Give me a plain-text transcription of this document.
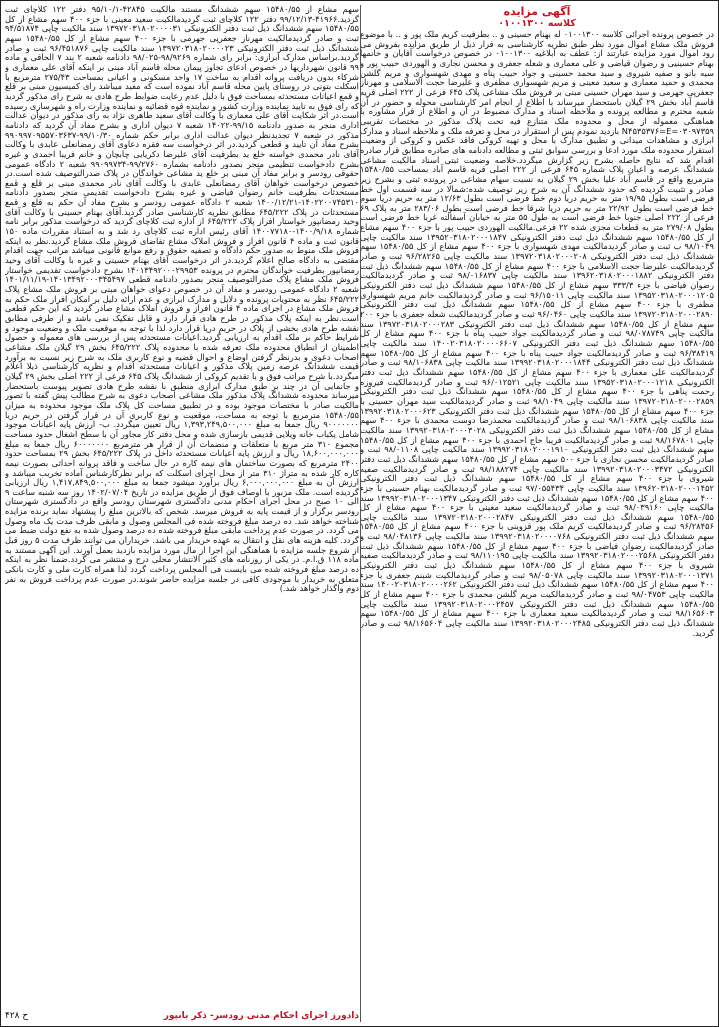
آگهی مزایده
کلاسه ۰۱۰۰۱۳۰۰

در خصوص پرونده اجرائی کلاسه ۰۱۰۰۱۳۰۰ له بهنام حسینی و .. بطرفیت کریم ملک پور و .. با موضوع فروش ملک مشاع اموال مورد نظر طبق نظریه کارشناسی به قرار ذیل از طریق مزایده بفروش می رود اموال مورد مزایده عبارتند از: عطف به ابلاغیه ۰۱۰۰۱۳۰۰ در خصوص درخواست آقایان و خانمها بهنام حسینیی و رضوان قیاضی و علی معماری و شعله جعفری و محسن نجاری و الهوردی حبیب پور و سیه بانو و صفیه شیروی و سید محمد حسینی و جواد حبیب پناه و مهدی شهسواری و مریم گلشن محمدی و حمید معماری و سعید معینی و مریم شهسواری مظفری و علیرضا حجت الاسلامی و مهرناز جعفرپی جهرمی و سید مهران حسینی مبنی بر فروش ملک مشاعی پلاک ۶۴۵ فرعی از ۲۲۲ اصلی قریه قاسم آباد بخش ۲۹ گیلان باستحضار میرساند با اطلاع از انجام امر کارشناسی محوله و حضور در آن شعبه محترم و مطالعه پرونده و ملاحظه اسناد و مدارک مضبوط در آن و اطلاع از قرار مشاوره با هماهنگی معموله از محل و محدوده ملک متنازع فیه تحت پلاک مذکور در مختصات تقریبی ۰۳۰۹۷۳۵۹=N۴۵۳۵۳۷۶=E بازدید نمودم پس از استقرار در محل و تعرفه ملک و ملاحظه اسناد و مدارک ابرازی و مشاهدات میدانی و تطبیق مدارک با محل و تهیه کروکی فاقد عکس و کروکی از وضعیت استقرار محدوده ملک مورد ادعا و بررسی سوابق ثبتی و مطالعه دادنامه های صادره مطابق قرار صادره اقدام شد که نتایج حاصله بشرح زیر گزارش میگردد.خلاصه وضعیت ثبتی اسناد مالکیت مشاعی ششدانگ عرصه و اعیان پلاک شماره ۶۴۵ فرعی از ۲۲۲ اصلی قریه قاسم آباد بمساحت ۱۵۴۸۰/۵۵ مترمربع واقع در قاسم آباد علیا بخش ۲۹ گیلان به نسبت سهام مشاعی در پرونده ثبتی و بشرح زیر صادر و تثبیت گردیده که حدود ششدانگ آن به شرح زیر توصیف شده:شمالا در سه قسمت اول خط فرضی است بطول ۱۹/۹۵ متر به حریم دریا دوم خط فرضی است بطول ۱۲/۶۳ متر به حریم دریا سوم خط فرضی است بطول ۲۲/۹۲ متر به حریم دریا شرقا خط فرضی است بطول ۲۸۳/۰۶ متر به پلاک ۶۹ فرعی از ۲۲۲ اصلی جنوبا خط فرضی است به طول ۵۵ متر به خیابان آسفالته غربا خط فرضی است بطول ۲۷۹/۰۸ متر به قطعات مجزی شده ۲۲ فرعی.مالکیت الهوردی حبیب پور با جزء ۴۰۰ سهم مشاع از کل ۱۵۴۸۰/۵۵ سهم ششدانگ ذیل ثبت دفتر الکترونیکی ۱۳۹۵۲۰۳۱۸۰۲۰۰۰۱۸۴۷ سند مالکیت چاپی ۹۸/۱۰۴۹ ب ثبت و صادر گردیدمالکیت مهدی شهسواری با جزء ۴۰۰ سهم مشاع از کل ۱۵۴۸۰/۵۵ سهم ششدانگ ذیل ثبت دفتر الکترونیکی ۱۳۹۷۲۰۳۱۸۰۲۰۰۰۲۰۸ سند مالکیت چاپی ۹۶/۲۸۲۶۵ ثبت و صادر گردیدمالکیت علیرضا حجت الاسلامی با جزء ۴۰۰ سهم مشاع از کل ۱۵۴۸۰/۵۵ سهم ششدانگ ذیل ثبت دفتر الکترونیکی ۱۳۹۶۲۰۳۱۸۰۲۰۰۰۱۸۸۲ سند مالکیت چاپی ۹۸/۰۱۶۸۳۷ ثبت و صادر گردیدمالکیت رضوان فیاضی با جزء ۳۳۳/۳ سهم مشاع از کل ۱۵۴۸۰/۵۵ سهم ششدانگ ذیل ثبت دفتر الکترونیکی ۱۳۹۵۲۰۳۱۸۰۲۰۰۰۱۲۰۵ سند مالکیت چاپی ۹۶/۱۵۰۱۱ ثبت و صادر گردیدمالکیت خانم مریم شهسواری مظفری با جزء ۴۰۰ سهم مشاع از کل ۱۵۴۸۰/۵۵ سهم ششدانگ ذیل ثبت دفتر الکترونیکی ۱۳۹۷۲۰۳۱۸۰۲۰۰۰۲۸۹۰ سند مالکیت چاپی ۹۶/۰۴۶۰ ثبت و صادر گردیدمالکیت شعله جعفری با جزء ۲۰۰ سهم مشاع از کل ۱۵۴۸۰/۵۵ سهم ششدانگ ذیل ثبت دفتر الکترونیکی ۱۳۹۷۲۰۳۱۸۰۲۰۰۰۲۸۳ سند مالکیت چاپی ۹۸/۰۷۸۷۴۹ ثبت و صادر گردیدمالکیت جواد حبیب پناه با جزء ۴۰۰ سهم مشاع از کل ۱۵۴۸۰/۵۵ سهم ششدانگ ذیل ثبت دفتر الکترونیکی ۱۴۰۰۲۰۳۱۸۰۲۰۰۰۰۶۶۰۷ سند مالکیت چاپی ۹۶/۳۸۴۱۹ ثبت و صادر گردیدمالکیت جواد حبیب پناه با جزء ۴۰۰ سهم مشاع از کل ۱۵۴۸۰/۵۵ سهم ششدانگ ذیل ثبت دفتر الکترونیکی ۱۳۹۹۲۰۳۱۸۰۲۰۰۰۱۸۴۴ سند مالکیت چاپی ۹۸/۱۰۶۸۳۸ ثبت و صادر گردیدمالکیت علی معماری با جزء ۴۰۰ سهم مشاع از کل ۱۵۴۸۰/۵۵ سهم ششدانگ ذیل ثبت دفتر الکترونیکی ۱۳۹۵۲۰۳۱۸۰۲۰۰۰۱۲۱۸ سند مالکیت چاپی ۹۶/۰۱۲۵۲۱ ثبت و صادر گردیدمالکیت فیروزه رحمت پناهی با جزء ۴۰۰ سهم مشاع از کل ۱۵۴۸۰/۵۵ سهم ششدانگ ذیل ثبت دفتر الکترونیکی ۱۳۹۷۲۰۳۱۸۰۲۰۰۰۲۸۵۹ سند مالکیت چاپی ۹۸/۱۰۴۹ ثبت و صادر گردیدمالکیت سید مهران حسینی با جزء ۴۰۰ سهم مشاع از کل ۱۵۴۸۰/۵۵ سهم ششدانگ ذیل ثبت دفتر الکترونیکی ۱۳۹۹۲۰۳۱۸۰۲۰۰۰۶۲۳ سند مالکیت چاپی ۹۸/۱۰۶۸۳۸ ثبت و صادر گردیدمالکیت محمدرضا دوست محمدی با جزء ۴۰۰ سهم مشاع از کل ۱۵۴۸۰/۵۵ سهم ششدانگ ذیل ثبت دفتر الکترونیکی ۱۳۹۹۲۰۳۱۸۰۲۰۰۰۳۰۲۸ سند مالکیت چاپی ۹۸/۱۶۷۸۰۱ ثبت و صادر گردیدمالکیت فریبا حاج احمدی با جزء ۴۰۰ سهم مشاع از کل ۱۵۴۸۰/۵۵ سهم ششدانگ ذیل ثبت دفتر الکترونیکی ۱۳۹۹۲۰۳۱۸۰۲۰۰۰۱۹۱۰ سند مالکیت چاپی ۹۸/۰۱۱۰۸ ثبت و صادر گردیدمالکیت محسن نجاری با جزء ۵۰۰ سهم مشاع از کل ۱۵۴۸۰/۵۵ سهم ششدانگ ذیل ثبت دفتر الکترونیکی ۱۳۹۹۲۰۳۱۸۰۲۰۰۰۳۴۷۲ سند مالکیت چاپی ۹۸/۱۸۸۲۷۴ ثبت و صادر گردیدمالکیت صفیه شیروی با جزء ۴۰۰ سهم مشاع از کل ۱۵۴۸۰/۵۵ سهم ششدانگ ذیل ثبت دفتر الکترونیکی ۱۳۹۶۲۰۳۱۸۰۲۰۰۰۱۴۵۲ سند مالکیت چاپی ۹۷/۰۵۵۴۳۴ ثبت و صادر گردیدمالکیت بهنام حسینی با جزء ۴۰۰ سهم مشاع از کل ۱۵۴۸۰/۵۵ سهم ششدانگ ذیل ثبت دفتر الکترونیکی ۱۳۹۹۲۰۳۱۸۰۲۰۰۰۱۳۴۷ سند مالکیت چاپی ۹۸/۰۳۹۱۶۰ ثبت و صادر گردیدمالکیت سعید معینی با جزء ۴۰۰ سهم مشاع از کل ۱۵۴۸۰/۵۵ سهم ششدانگ ذیل ثبت دفتر الکترونیکی ۱۳۹۷۲۰۳۱۸۰۲۰۰۰۲۸۴۷ سند مالکیت چاپی ۹۶/۲۸۴۵۶ ثبت و صادر گردیدمالکیت کریم ملک پور قزوینی با جزء ۴۰۰ سهم مشاع از کل ۱۵۴۸۰/۵۵ سهم ششدانگ ذیل ثبت دفتر الکترونیکی ۱۳۹۹۲۰۳۱۸۰۲۰۰۰۰۷۶۸ سند مالکیت چاپی ۹۸/۰۴۸۱۳۶ ثبت و صادر گردیدمالکیت رضوان فیاضی با جزء ۴۰۰ سهم مشاع از کل ۱۵۴۸۰/۵۵ سهم ششدانگ ذیل ثبت دفتر الکترونیکی ۱۳۹۹۲۰۳۱۸۰۲۰۰۰۲۵۶۸ سند مالکیت چاپی ۹۸/۱۱۰۱۹۵ ثبت و صادر گردیدمالکیت صفیه شیروی با جزء ۴۰۰ سهم مشاع از کل ۱۵۴۸۰/۵۵ سهم ششدانگ ذیل ثبت دفتر الکترونیکی ۱۳۹۹۲۰۳۱۸۰۲۰۰۰۱۳۷۱ سند مالکیت چاپی ۹۸/۰۵۰۷۸ ثبت و صادر گردیدمالکیت شبنم جعفری با جزء ۴۰۰ سهم مشاع از کل ۱۵۴۸۰/۵۵ سهم ششدانگ ذیل ثبت دفتر الکترونیکی ۱۴۰۰۲۰۳۱۸۰۲۰۰۰۰۲۶۲ سند مالکیت چاپی ۹۸/۰۴۷۵۳ ثبت و صادر گردیدمالکیت مریم گلشن محمدی با جزء ۴۰۰ سهم مشاع از کل ۱۵۴۸۰/۵۵ سهم ششدانگ ذیل ثبت دفتر الکترونیکی ۱۳۹۹۲۰۳۱۸۰۲۰۰۰۲۴۵۷ سند مالکیت چاپی ۹۸/۱۶۵۶۰۳ ثبت و صادر گردیدمالکیت سعید معماری با جزء ۴۰۰ سهم مشاع از کل ۱۵۴۸۰/۵۵ سهم ششدانگ ذیل ثبت دفتر الکترونیکی ۱۳۹۹۲۰۳۱۸۰۲۰۰۰۲۴۸۵ سند مالکیت چاپی ۹۸/۱۶۵۶۰۴ ثبت و صادر گردید.

سهم مشاع از ۱۵۴۸۰/۵۵ سهم ششدانگ مستند مالکیت ۴۲۸۴۵-۹۵/۱۰/۱ دفتر ۱۲۲ کلاچای ثبت گردید.۴۱۹۶۶-۹۹/۱۲/۱۳ دفتر ۱۲۲ کلاچای ثبت گردیدمالکیت سعید معینی با جزء ۴۰۰ سهم مشاع از کل ۱۵۴۸۰/۵۵ سهم ششدانگ ذیل ثبت دفتر الکترونیکی ۱۳۹۷۲۰۳۱۸۰۲۰۰۰۰۳۱ سند مالکیت چاپی ۹۴/۵۱۸۷۴ ثبت و صادر گردیدمالکیت مهرناز جعفرپی جهرمی با جزء ۴۰۰ سهم مشاع از کل ۱۵۴۸۰/۵۵ سهم ششدانگ ذیل ثبت دفتر الکترونیکی ۱۳۹۷۲۰۳۱۸۰۲۰۰۰۰۲۳ سند مالکیت چاپی ۹۶/۴۵۱۸۷۶ ثبت و صادر گردید.براساس مدارک ابرازی: برابر رای شماره ۹۸/۹۲۶۹-۹۸/۰۲۵ دادنامه شعبه ۲ بند ۷ الحاقی و ماده ۹۹ قانون شهرداریها در خصوص ادعای تجاوز پیمان محله قاسم آباد مبنی بر اینکه آقای علی معماری و شرکاء بدون دریافت پروانه اقدام به ساخت ۱۷ واحد مسکونی و اعیانی بمساحت ۲۷۵/۴۳ مترمربع با اسکلت بتونی در روستای پایین محله قاسم آباد نموده است که مفید میباشد رای کمیسیون مبنی بر قلع و قمع اعیانات مستحدثه بمساحت فوق با دلیل عدم رعایت ضوابط طرح هادی به شرح رای مذکور گردید که رای فوق به تایید نماینده وزارت کشور و نماینده قوه قضائیه و نماینده وزارت راه و شهرسازی رسیده است.در اثر شکایت آقای علی معماری با وکالت آقای سعید طاهری نژاد به رای مذکور در دیوان عدالت اداری منجر به صدور دادنامه ۹۹/۱۵-۱۴۰۲۲ شعبه ۷ دیوان اداری و بشرح مفاد آن گردید که دادنامه مذکور در شعبه ۷ تجدیدنظر دیوان عدالت اداری برابر حکم شماره ۹۹/۱۰/۳۰-۹۹۰۹۹۷۰۹۵۵۷۰۳۶۳۷ بشرح مفاد آن تایید و قطعی گردید.در اثر درخواست سه فقره دعاوی آقای رمضانعلی عابدی با وکالت آقای نادر محمدی خواسته خلع ید بطرفیت آقای علیرضا دکریایی چابچان و خانم فریبا احمدی و غیره بشرح دادخواست تنظیمی منجر بصدور دادنامه بشماره ۹۹/۲۷۶۰-۹۹۰۹۹۷۳۴ شعبه ۲ دادگاه عمومی حقوقی رودسر و برابر مفاد آن مبنی بر خلع ید مشاعی خواندگان در پلاک صدرالتوصیف شده است.در خصوص درخواست خواهان آقای رمضانعلی عابدی با وکالت آقای نادر محمدی مبنی بر قلع و قمع مستحدثات بطرفیت خانم رضوان فیاضی و غیره بشرح دادخواست تقدیمی منجر بصدور دادنامه ۱۴۰۲۲۰۰۷۴۵۳۱۰-۱۴۰۰/۱۲/۲۱ شعبه ۲ دادگاه عمومی رودسر و بشرح مفاد آن حکم به قلع و قمع مستحدثات در پلاک ۶۴۵/۲۲۲ مطابق نظریه کارشناسی صادر گردید.آقای بهنام حسینی با وکالت آقای وحید رمضانپور خواستار افراز پلاک ۶۴۵/۲۲۲ از اداره ثبت کلاچای گردید که درخواست مذکور برابر نامه شماره ۱۴۰۰/۹/۱۸-۱۴۰۰۷۷۱۸۰ آقای رئیس اداره ثبت کلاچای رد شد و به استناد مقررات ماده ۱۵۰ قانون ثبت و ماده ۴ قانون افراز و فروش املاک مشاع تقاضای فروش ملک مشاع گردید.نظر به اینکه فروش ملک منوط به صدور حکم دادگاه و تصفیه حقوق و رفع موانع قانونی میباشد مراتب جهت اقدام مقتضی به دادگاه صالح اعلام گردید.در اثر درخواست آقای بهنام حسینی و غیره با وکالت آقای وحید رمضانپور بطرفیت خواندگان محترم در پرونده ۱۴۰۱۳۴۹۲۰۰۰۲۹۹۵۳ بشرح دادخواست تقدیمی خواستار فروش ملک مشاع پلاک صدرالتوصیف منجر بصدور دادنامه قطعی ۱۴۰۱۳۴۹۲۰۰۰۳۴۵۴۹۷-۱۴۰۱/۱۱/۱۹ شعبه ۲ دادگاه عمومی رودسر و مفاد آن در خصوص دعوای خواهان مبنی بر فروش ملک مشاع پلاک ۶۴۵/۲۲۲ نظر به محتویات پرونده و دلایل و مدارک ابرازی و عدم ارائه دلیل بر امکان افراز ملک حکم به فروش ملک مشاع در اجرای ماده ۴ قانون افراز و فروش املاک مشاع صادر گردید که این حکم قطعی است.نظر به اینکه پلاک مذکور در طرح هادی قرار دارد و قابل تفکیک نمی باشد و از طرفی مطابق نقشه طرح هادی بخشی از پلاک در حریم دریا قرار دارد لذا با توجه به موقعیت ملک و وضعیت موجود و شرایط حاکم بر ملک اقدام به ارزیابی گردید.اعیانات مستحدثه پس از بررسی های معموله و حصول اطمینان از انطباق محدوده ملک تعرفه شده با محدوده پلاک ۶۴۵/۲۲۲ بخش ۲۹ گیلان ملک مشاعی اصحاب دعوی و بدرنظر گرفتن اوضاع و احوال قضیه و نوع کاربری ملک به شرح زیر نسبت به برآورد قیمت ششدانگ عرصه زمین پلاک مذکور و اعیانات مستحدثه اقدام و نظریه کارشناسی ذیلا اعلام میگردد.با شرح مراتب فوق و با تقدیم کروکی از ششدانگ پلاک ۶۴۵ فرعی از ۲۲۲ اصلی بخش ۲۹ گیلان و جانمایی آن در چند بر طبق مدارک ابرازی منطبق با نقشه طرح هادی تصویر پیوست باستحضار میرساند محدوده ششدانگ پلاک مذکور ملک مشاعی اصحاب دعوی به شرح مطالب پیش گفته با تصور مالکیت صادر با مختصات موجود بوده و در تطبیق مساحت کل پلاک ملک موجود محدوده به میزان ۱۵۴۸۰/۵۵ مترمربع با توجه به مساحت، موقعیت و نوع کاربری آن در قرار گرفتن در حریم دریا ۹۰۰۰۰۰۰۰ ریال جمعا به مبلغ ۱,۳۹۳,۲۴۹,۵۰۰,۰۰۰ ریال تعیین میگردد. ب- ارزش پایه اعیانات موجود شامل یکباب خانه ویلایی قدیمی بازسازی شده و محل دفتر کار مجاور آن با سطح اشغال حدود مساحت مجموع ۳۱۰ متر مربع با متعلقات و منضمات آن از قرار هر مترمربع ۶۰۰۰۰۰۰۰ ریال جمعا به مبلغ ۱۸,۶۰۰,۰۰۰,۰۰۰ ریال و ارزش پایه اعیانات مستحدثه داخل در پلاک ۶۴۵/۲۲۲ بخش ۲۹ بمساحت حدود ۲۴۰۰ مترمربع که بصورت ساختمان های نیمه کاره در حال ساخت و فاقد پروانه احداثی بصورت نیمه کاره کار شده به متراژ ۳۱۰ متر از محل اجرای اسکلت که برابر نظرکارشناس آماده تخریب میباشد و ارزش آن به مبلغ ۶,۰۰۰,۰۰۰,۰۰۰ ریال برآورد میشود جمعا به مبلغ ۱,۴۱۷,۸۴۹,۵۰۰,۰۰۰ ریال ارزیابی گردیده است. ملک مزبور با اوصاف فوق از طریق مزایده در تاریخ ۱۴۰۲/۰۷/۰۴ روز سه شنبه ساعت ۹ الی ۱۰ صبح در محل اجرای احکام مدنی دادگستری شهرستان رودسر واقع در دادگستری شهرستان رودسر برگزار و از قیمت پایه به فروش میرسد. شخص که بالاترین مبلغ را پیشنهاد نماید برنده مزایده شناخته خواهد شد. ده درصد مبلغ فروخته شده فی المجلس وصول و مابقی ظرف مدت یک ماه وصول می گردد. در صورت عدم پرداخت مابقی مبلغ فروخته شده ده درصد وصول شده به نفع دولت ضبط می گردد. کلیه هزینه های نقل و انتقال به عهده خریدار می باشد. خریداران می توانند ظرف مدت ۵ روز قبل از شروع جلسه مزایده با هماهنگی این اجرا از مال مورد مزایده بازدید بعمل آورند. این آگهی مستند به ماده ۱۱۸ ق.ا.م. در یکی از روزنامه های کثیر الانتشار محلی درج و منتشر می گردد.ضمنا نظر به اینکه ده درصد مبلغ فروخته شده می بایست فی المجلس پرداخت گردد لذا همراه کارت ملی و کارت بانکی متعلق به خریدار با موجودی کافی در جلسه مزایده حاضر شوند.در صورت عدم پرداخت فروش به نفر دوم واگذار خواهد شد.)

دادورز اجرای احکام مدنی رودسر- ذکر بابپور
ح ۴۲۸
